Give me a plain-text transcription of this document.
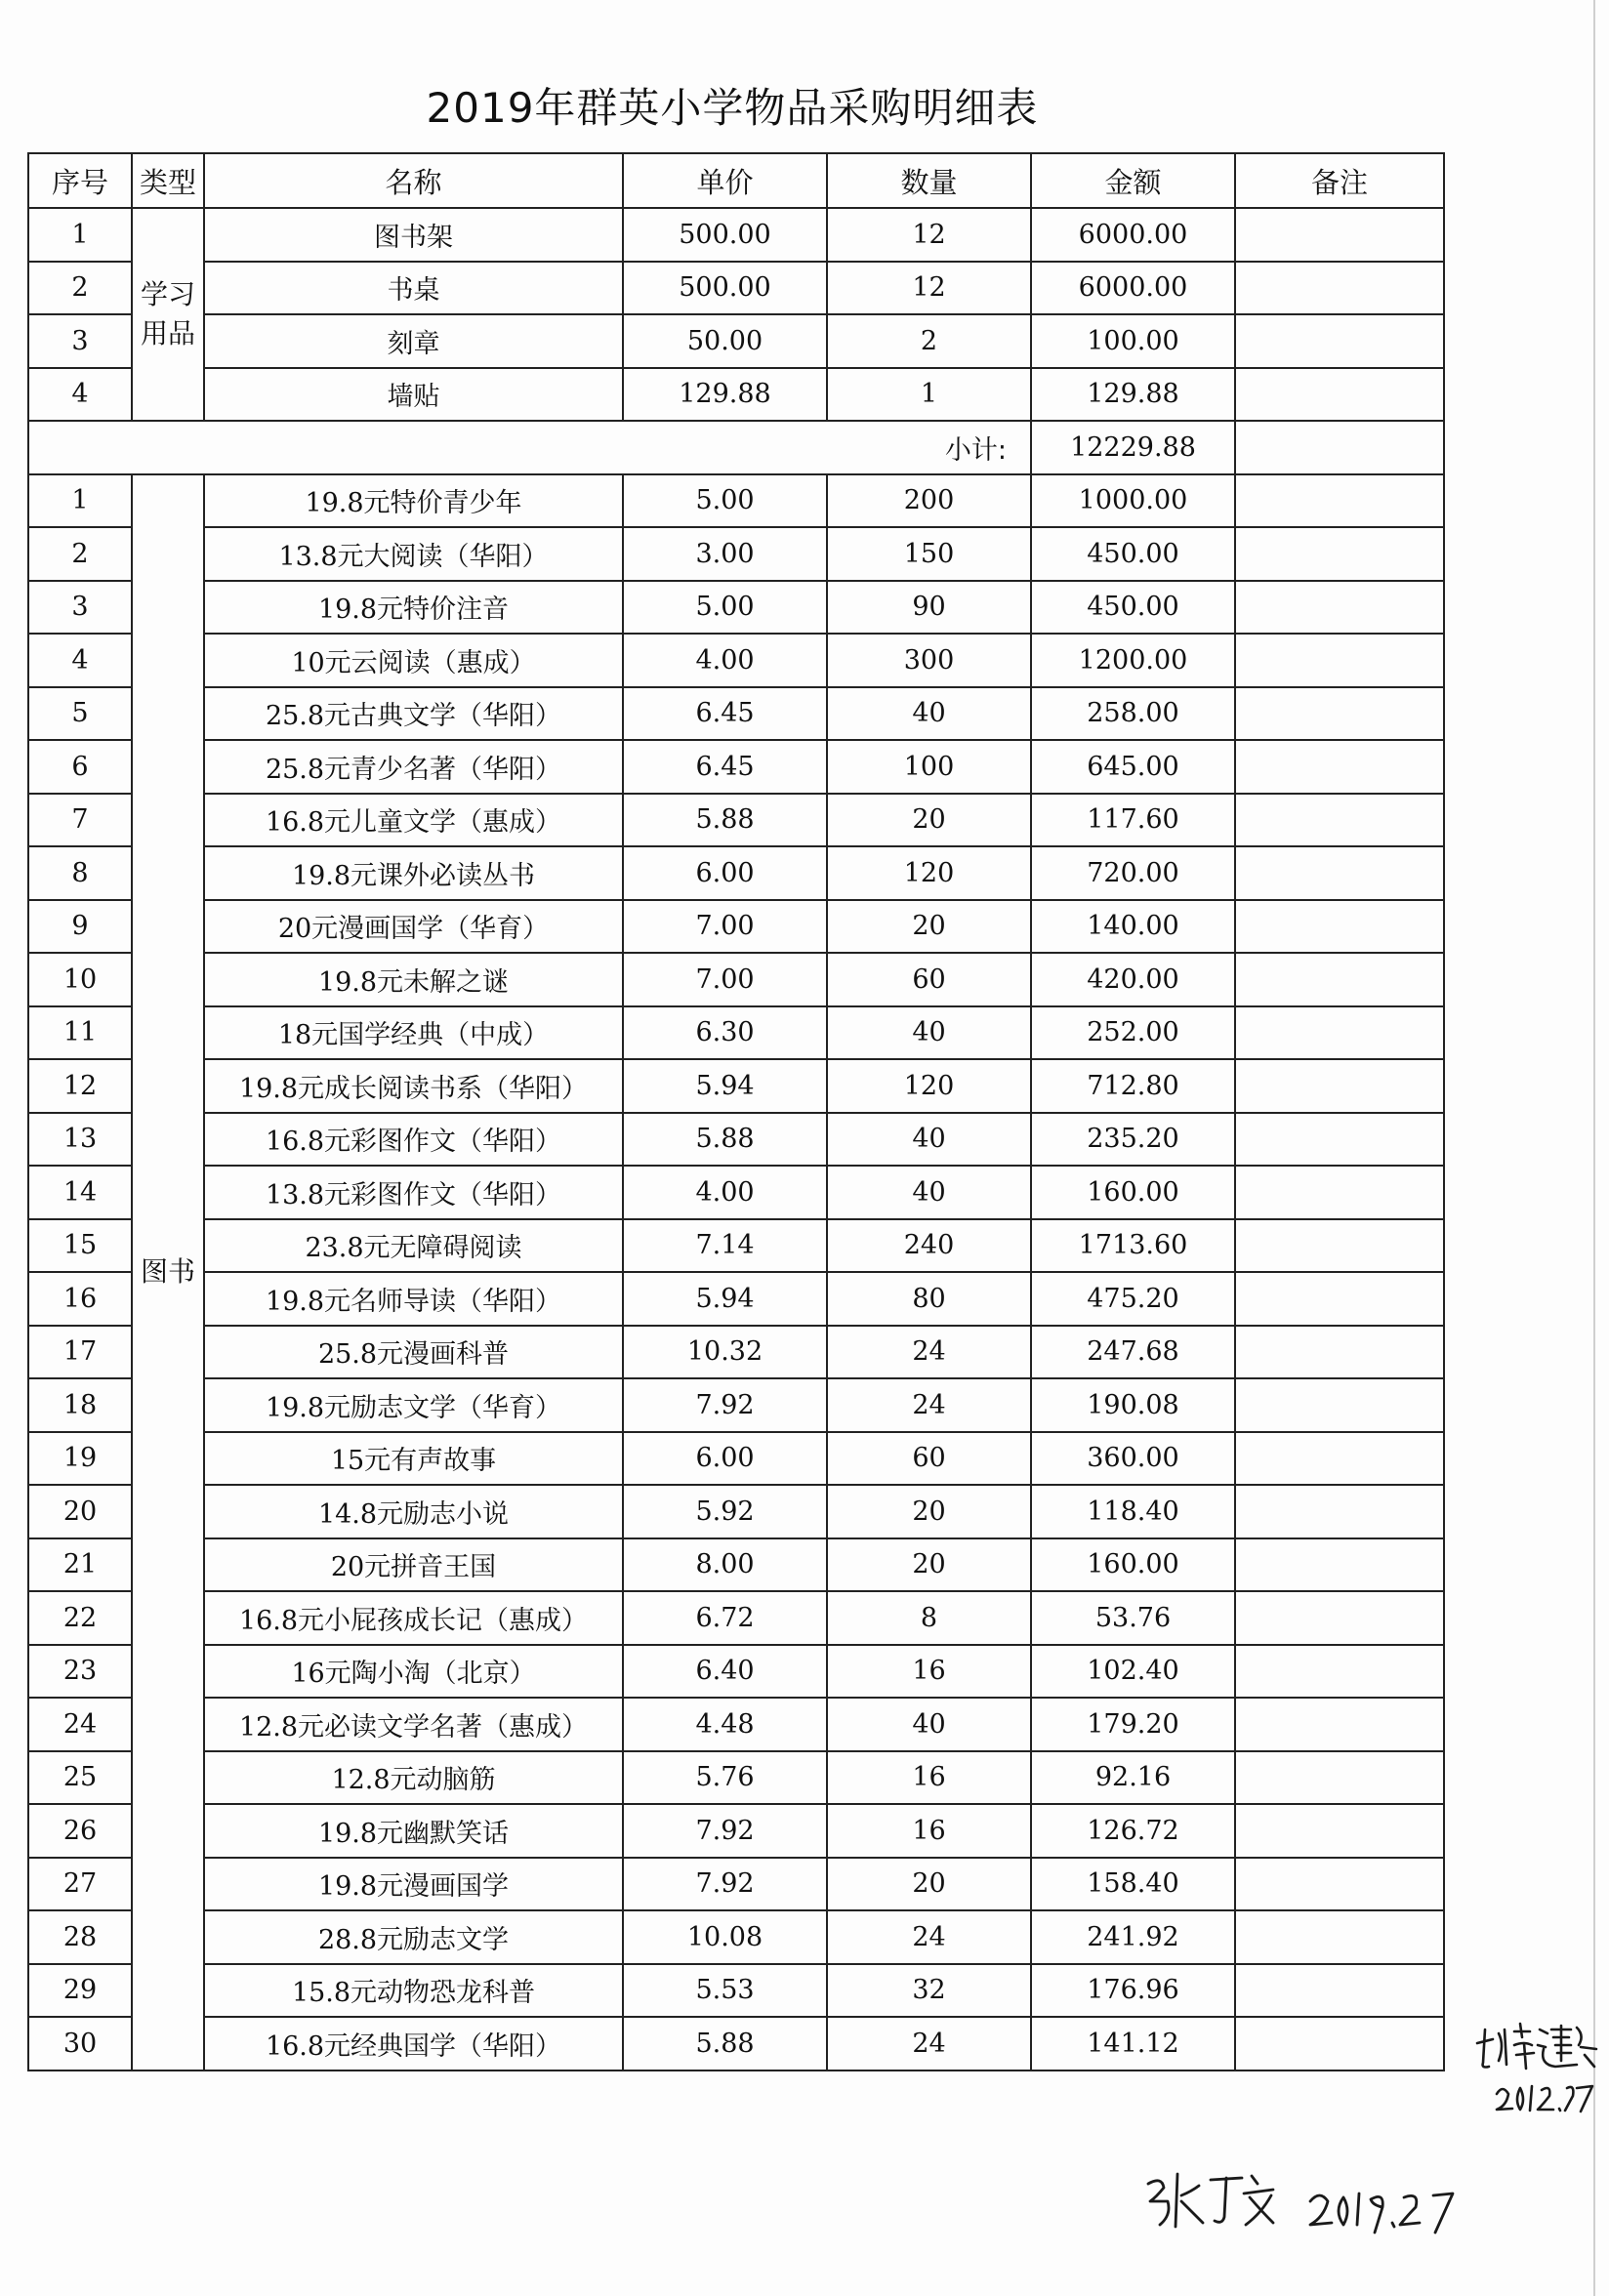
2019年群英小学物品采购明细表
序号	类型	名称	单价	数量	金额	备注
1	学习用品	图书架	500.00	12	6000.00	
2		书桌	500.00	12	6000.00	
3		刻章	50.00	2	100.00	
4		墙贴	129.88	1	129.88	
小计:					12229.88	
1	图书	19.8元特价青少年	5.00	200	1000.00	
2		13.8元大阅读（华阳）	3.00	150	450.00	
3		19.8元特价注音	5.00	90	450.00	
4		10元云阅读（惠成）	4.00	300	1200.00	
5		25.8元古典文学（华阳）	6.45	40	258.00	
6		25.8元青少名著（华阳）	6.45	100	645.00	
7		16.8元儿童文学（惠成）	5.88	20	117.60	
8		19.8元课外必读丛书	6.00	120	720.00	
9		20元漫画国学（华育）	7.00	20	140.00	
10		19.8元未解之谜	7.00	60	420.00	
11		18元国学经典（中成）	6.30	40	252.00	
12		19.8元成长阅读书系（华阳）	5.94	120	712.80	
13		16.8元彩图作文（华阳）	5.88	40	235.20	
14		13.8元彩图作文（华阳）	4.00	40	160.00	
15		23.8元无障碍阅读	7.14	240	1713.60	
16		19.8元名师导读（华阳）	5.94	80	475.20	
17		25.8元漫画科普	10.32	24	247.68	
18		19.8元励志文学（华育）	7.92	24	190.08	
19		15元有声故事	6.00	60	360.00	
20		14.8元励志小说	5.92	20	118.40	
21		20元拼音王国	8.00	20	160.00	
22		16.8元小屁孩成长记（惠成）	6.72	8	53.76	
23		16元陶小淘（北京）	6.40	16	102.40	
24		12.8元必读文学名著（惠成）	4.48	40	179.20	
25		12.8元动脑筋	5.76	16	92.16	
26		19.8元幽默笑话	7.92	16	126.72	
27		19.8元漫画国学	7.92	20	158.40	
28		28.8元励志文学	10.08	24	241.92	
29		15.8元动物恐龙科普	5.53	32	176.96	
30		16.8元经典国学（华阳）	5.88	24	141.12	
